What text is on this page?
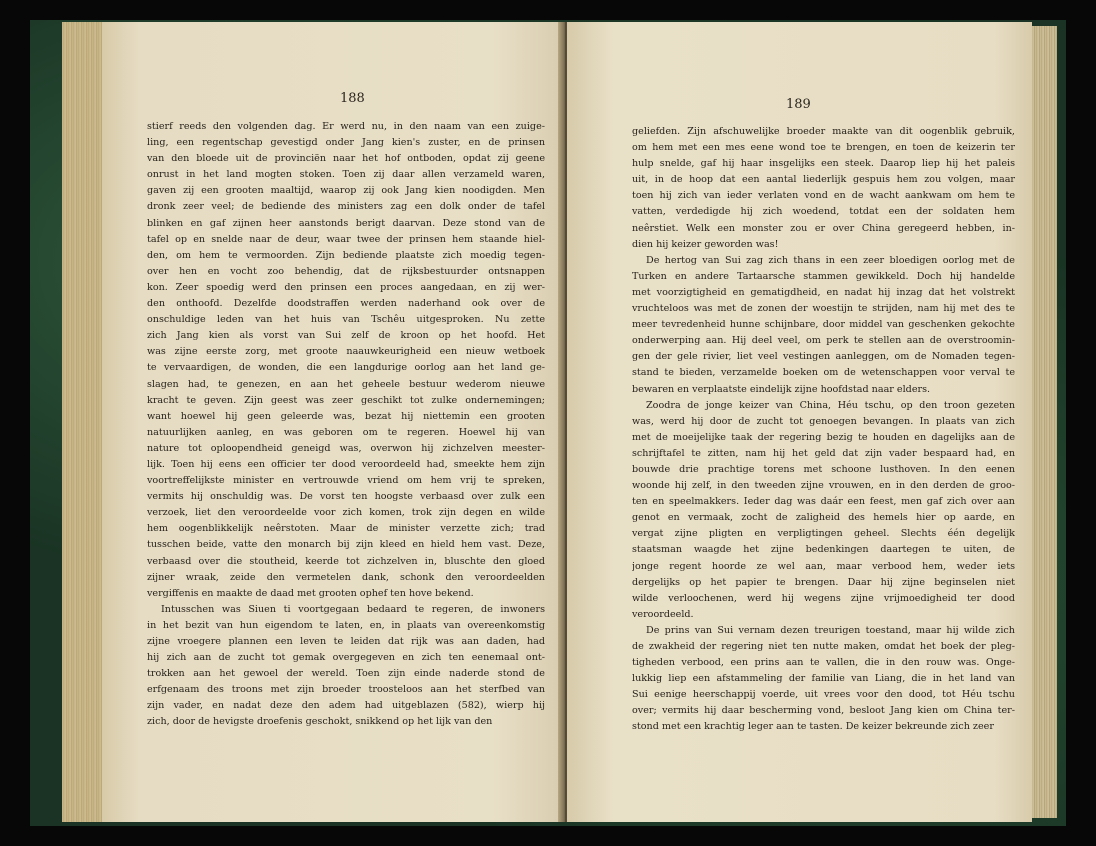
188
stierf reeds den volgenden dag. Er werd nu, in den naam van een zuige-
ling, een regentschap gevestigd onder Jang kien's zuster, en de prinsen
van den bloede uit de provinciën naar het hof ontboden, opdat zij geene
onrust in het land mogten stoken. Toen zij daar allen verzameld waren,
gaven zij een grooten maaltijd, waarop zij ook Jang kien noodigden. Men
dronk zeer veel; de bediende des ministers zag een dolk onder de tafel
blinken en gaf zijnen heer aanstonds berigt daarvan. Deze stond van de
tafel op en snelde naar de deur, waar twee der prinsen hem staande hiel-
den, om hem te vermoorden. Zijn bediende plaatste zich moedig tegen-
over hen en vocht zoo behendig, dat de rijksbestuurder ontsnappen
kon. Zeer spoedig werd den prinsen een proces aangedaan, en zij wer-
den onthoofd. Dezelfde doodstraffen werden naderhand ook over de
onschuldige leden van het huis van Tschêu uitgesproken. Nu zette
zich Jang kien als vorst van Sui zelf de kroon op het hoofd. Het
was zijne eerste zorg, met groote naauwkeurigheid een nieuw wetboek
te vervaardigen, de wonden, die een langdurige oorlog aan het land ge-
slagen had, te genezen, en aan het geheele bestuur wederom nieuwe
kracht te geven. Zijn geest was zeer geschikt tot zulke ondernemingen;
want hoewel hij geen geleerde was, bezat hij niettemin een grooten
natuurlijken aanleg, en was geboren om te regeren. Hoewel hij van
nature tot oploopendheid geneigd was, overwon hij zichzelven meester-
lijk. Toen hij eens een officier ter dood veroordeeld had, smeekte hem zijn
voortreffelijkste minister en vertrouwde vriend om hem vrij te spreken,
vermits hij onschuldig was. De vorst ten hoogste verbaasd over zulk een
verzoek, liet den veroordeelde voor zich komen, trok zijn degen en wilde
hem oogenblikkelijk neêrstoten. Maar de minister verzette zich; trad
tusschen beide, vatte den monarch bij zijn kleed en hield hem vast. Deze,
verbaasd over die stoutheid, keerde tot zichzelven in, bluschte den gloed
zijner wraak, zeide den vermetelen dank, schonk den veroordeelden
vergiffenis en maakte de daad met grooten ophef ten hove bekend.
Intusschen was Siuen ti voortgegaan bedaard te regeren, de inwoners
in het bezit van hun eigendom te laten, en, in plaats van overeenkomstig
zijne vroegere plannen een leven te leiden dat rijk was aan daden, had
hij zich aan de zucht tot gemak overgegeven en zich ten eenemaal ont-
trokken aan het gewoel der wereld. Toen zijn einde naderde stond de
erfgenaam des troons met zijn broeder troosteloos aan het sterfbed van
zijn vader, en nadat deze den adem had uitgeblazen (582), wierp hij
zich, door de hevigste droefenis geschokt, snikkend op het lijk van den
189
geliefden. Zijn afschuwelijke broeder maakte van dit oogenblik gebruik,
om hem met een mes eene wond toe te brengen, en toen de keizerin ter
hulp snelde, gaf hij haar insgelijks een steek. Daarop liep hij het paleis
uit, in de hoop dat een aantal liederlijk gespuis hem zou volgen, maar
toen hij zich van ieder verlaten vond en de wacht aankwam om hem te
vatten, verdedigde hij zich woedend, totdat een der soldaten hem
neêrstiet. Welk een monster zou er over China geregeerd hebben, in-
dien hij keizer geworden was!
De hertog van Sui zag zich thans in een zeer bloedigen oorlog met de
Turken en andere Tartaarsche stammen gewikkeld. Doch hij handelde
met voorzigtigheid en gematigdheid, en nadat hij inzag dat het volstrekt
vruchteloos was met de zonen der woestijn te strijden, nam hij met des te
meer tevredenheid hunne schijnbare, door middel van geschenken gekochte
onderwerping aan. Hij deel veel, om perk te stellen aan de overstroomin-
gen der gele rivier, liet veel vestingen aanleggen, om de Nomaden tegen-
stand te bieden, verzamelde boeken om de wetenschappen voor verval te
bewaren en verplaatste eindelijk zijne hoofdstad naar elders.
Zoodra de jonge keizer van China, Héu tschu, op den troon gezeten
was, werd hij door de zucht tot genoegen bevangen. In plaats van zich
met de moeijelijke taak der regering bezig te houden en dagelijks aan de
schrijftafel te zitten, nam hij het geld dat zijn vader bespaard had, en
bouwde drie prachtige torens met schoone lusthoven. In den eenen
woonde hij zelf, in den tweeden zijne vrouwen, en in den derden de groo-
ten en speelmakkers. Ieder dag was daár een feest, men gaf zich over aan
genot en vermaak, zocht de zaligheid des hemels hier op aarde, en
vergat zijne pligten en verpligtingen geheel. Slechts één degelijk
staatsman waagde het zijne bedenkingen daartegen te uiten, de
jonge regent hoorde ze wel aan, maar verbood hem, weder iets
dergelijks op het papier te brengen. Daar hij zijne beginselen niet
wilde verloochenen, werd hij wegens zijne vrijmoedigheid ter dood
veroordeeld.
De prins van Sui vernam dezen treurigen toestand, maar hij wilde zich
de zwakheid der regering niet ten nutte maken, omdat het boek der pleg-
tigheden verbood, een prins aan te vallen, die in den rouw was. Onge-
lukkig liep een afstammeling der familie van Liang, die in het land van
Sui eenige heerschappij voerde, uit vrees voor den dood, tot Héu tschu
over; vermits hij daar bescherming vond, besloot Jang kien om China ter-
stond met een krachtig leger aan te tasten. De keizer bekreunde zich zeer
